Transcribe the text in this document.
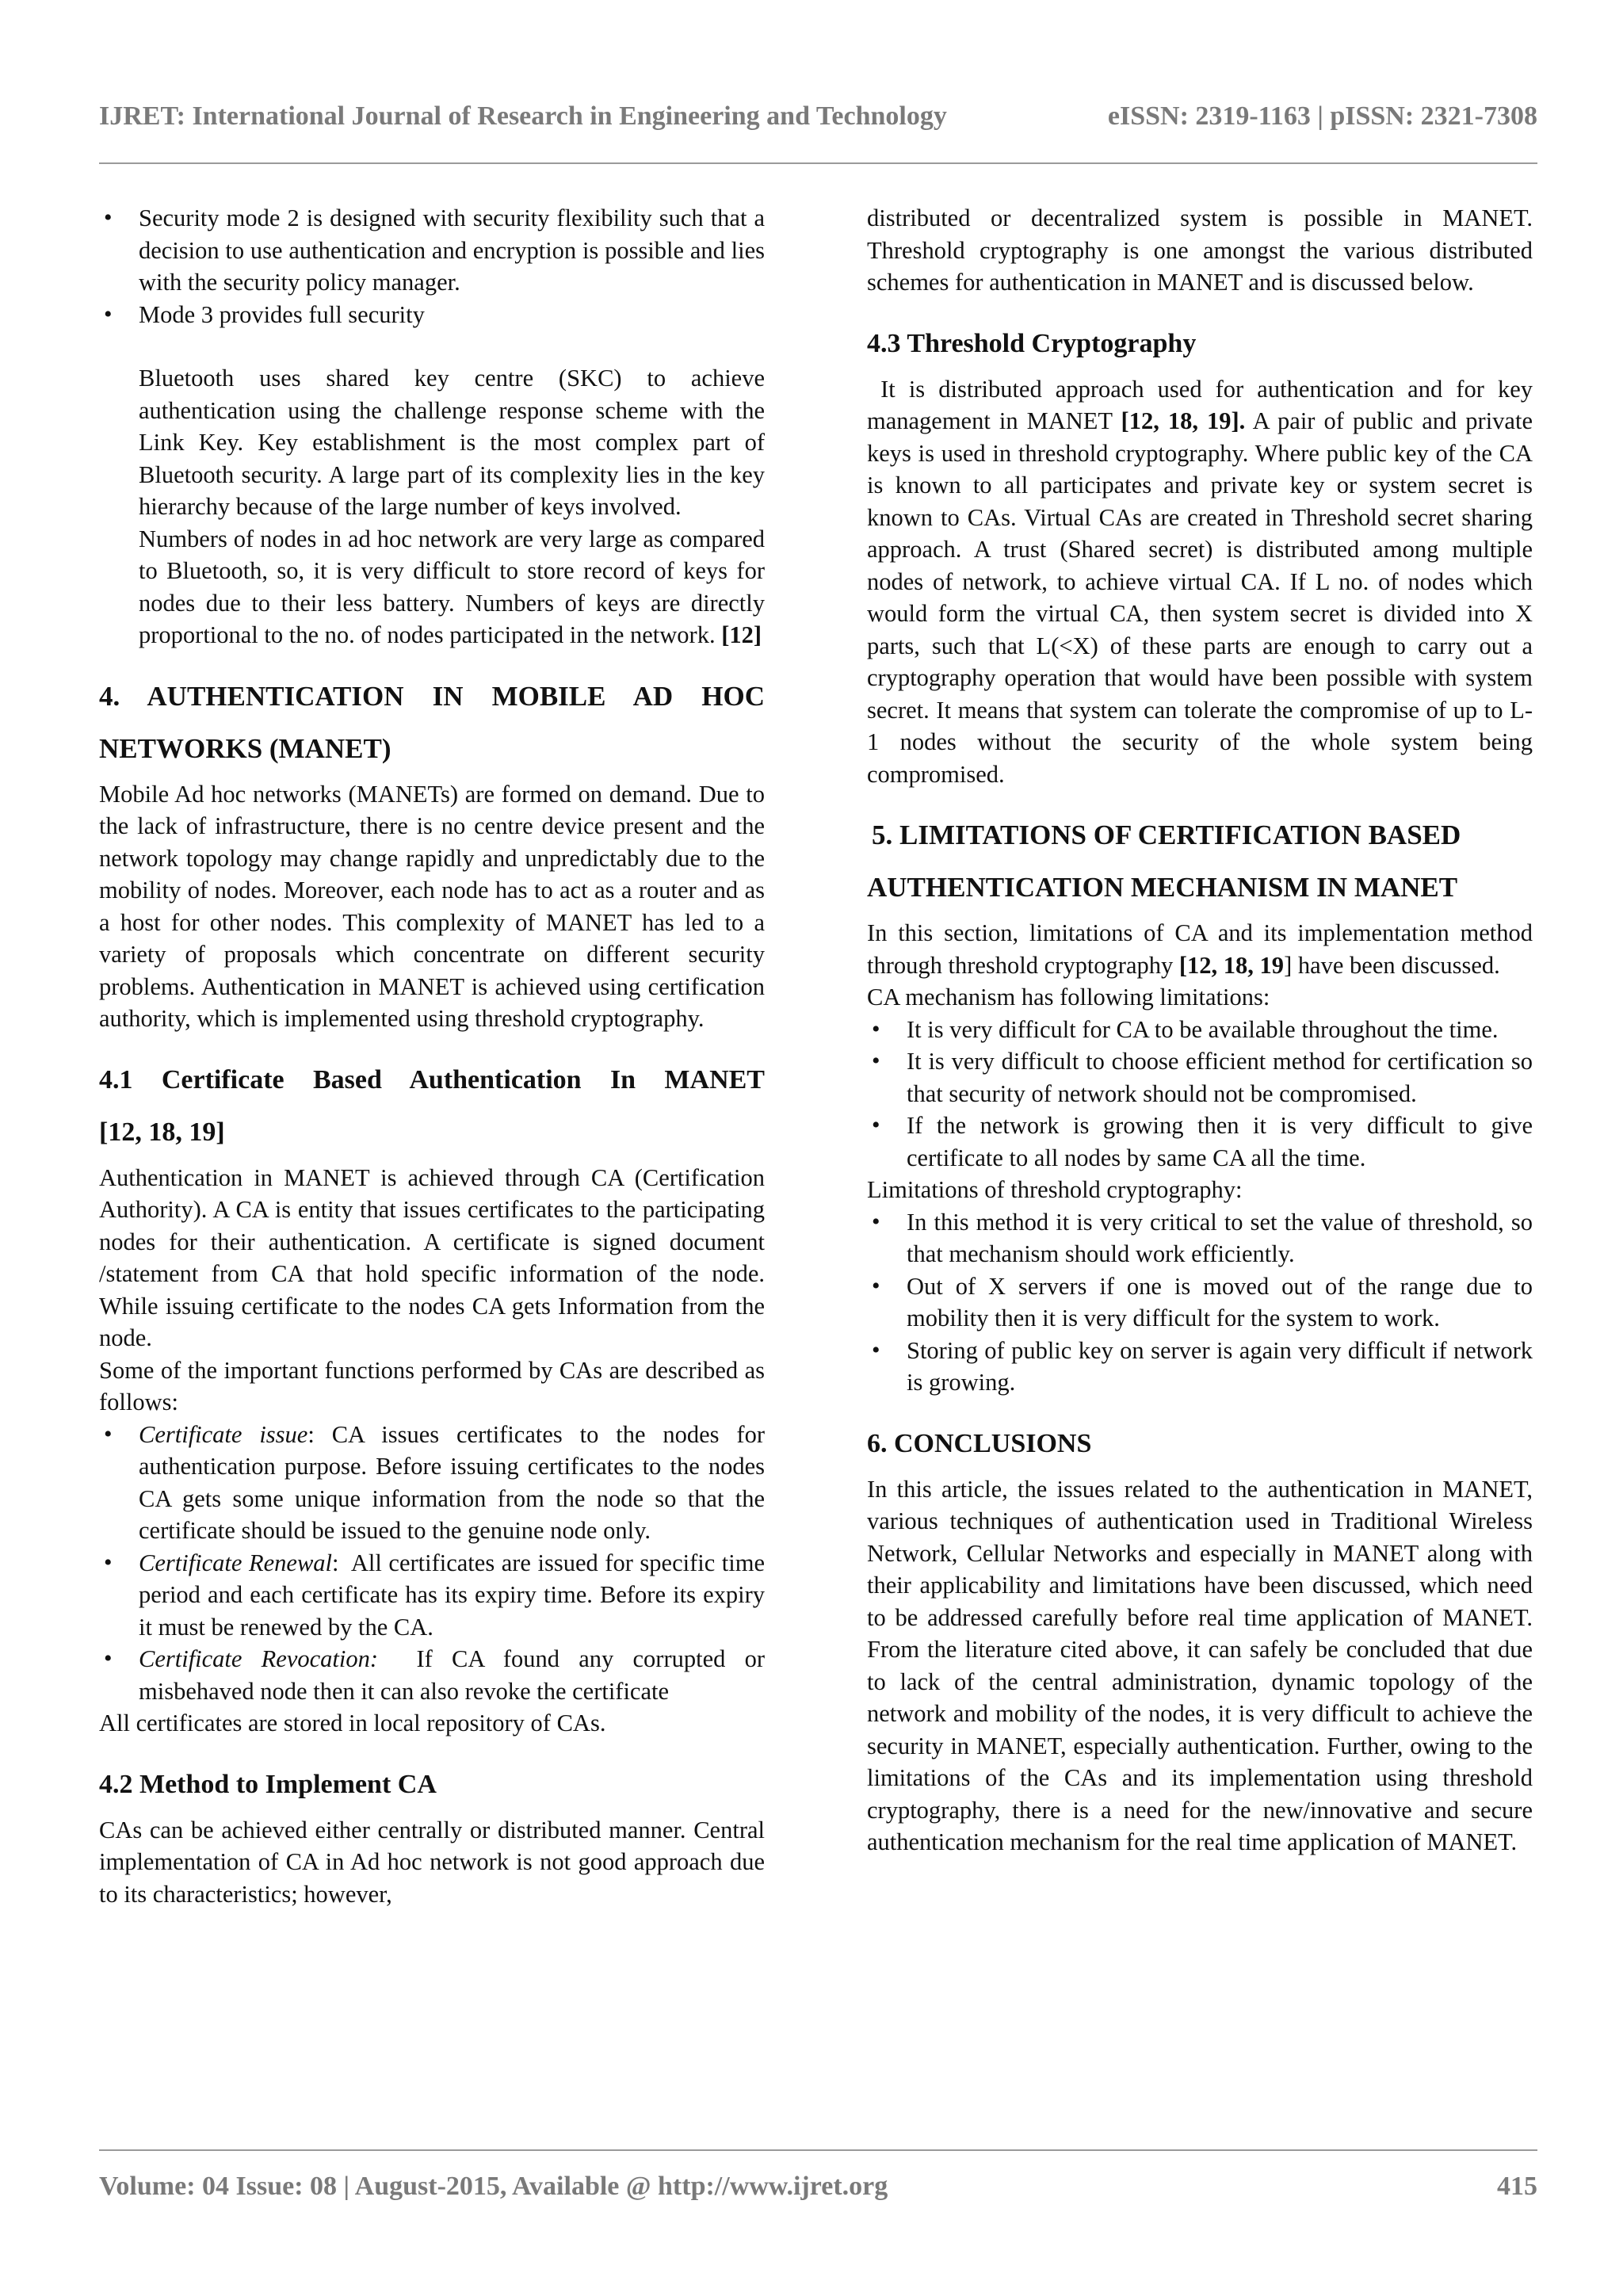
IJRET: International Journal of Research in Engineering and Technology	eISSN: 2319-1163 | pISSN: 2321-7308
• Security mode 2 is designed with security flexibility such that a decision to use authentication and encryption is possible and lies with the security policy manager.
• Mode 3 provides full security

Bluetooth uses shared key centre (SKC) to achieve authentication using the challenge response scheme with the Link Key. Key establishment is the most complex part of Bluetooth security. A large part of its complexity lies in the key hierarchy because of the large number of keys involved.

Numbers of nodes in ad hoc network are very large as compared to Bluetooth, so, it is very difficult to store record of keys for nodes due to their less battery. Numbers of keys are directly proportional to the no. of nodes participated in the network. [12]

4. AUTHENTICATION IN MOBILE AD HOC
NETWORKS (MANET)

Mobile Ad hoc networks (MANETs) are formed on demand. Due to the lack of infrastructure, there is no centre device present and the network topology may change rapidly and unpredictably due to the mobility of nodes. Moreover, each node has to act as a router and as a host for other nodes. This complexity of MANET has led to a variety of proposals which concentrate on different security problems. Authentication in MANET is achieved using certification authority, which is implemented using threshold cryptography.

4.1 Certificate Based Authentication In MANET
[12, 18, 19]

Authentication in MANET is achieved through CA (Certification Authority). A CA is entity that issues certificates to the participating nodes for their authentication. A certificate is signed document /statement from CA that hold specific information of the node. While issuing certificate to the nodes CA gets Information from the node.

Some of the important functions performed by CAs are described as follows:

• Certificate issue: CA issues certificates to the nodes for authentication purpose. Before issuing certificates to the nodes CA gets some unique information from the node so that the certificate should be issued to the genuine node only.
• Certificate Renewal:  All certificates are issued for specific time period and each certificate has its expiry time. Before its expiry it must be renewed by the CA.
• Certificate Revocation: If CA found any corrupted or misbehaved node then it can also revoke the certificate

All certificates are stored in local repository of CAs.

4.2 Method to Implement CA

CAs can be achieved either centrally or distributed manner. Central implementation of CA in Ad hoc network is not good approach due to its characteristics; however,

distributed or decentralized system is possible in MANET. Threshold cryptography is one amongst the various distributed schemes for authentication in MANET and is discussed below.

4.3 Threshold Cryptography

It is distributed approach used for authentication and for key management in MANET [12, 18, 19]. A pair of public and private keys is used in threshold cryptography. Where public key of the CA is known to all participates and private key or system secret is known to CAs. Virtual CAs are created in Threshold secret sharing approach. A trust (Shared secret) is distributed among multiple nodes of network, to achieve virtual CA. If L no. of nodes which would form the virtual CA, then system secret is divided into X parts, such that L(<X) of these parts are enough to carry out a cryptography operation that would have been possible with system secret. It means that system can tolerate the compromise of up to L-1 nodes without the security of the whole system being compromised.

5. LIMITATIONS OF CERTIFICATION BASED
AUTHENTICATION MECHANISM IN MANET

In this section, limitations of CA and its implementation method through threshold cryptography [12, 18, 19] have been discussed.

CA mechanism has following limitations:

• It is very difficult for CA to be available throughout the time.
• It is very difficult to choose efficient method for certification so that security of network should not be compromised.
• If the network is growing then it is very difficult to give certificate to all nodes by same CA all the time.

Limitations of threshold cryptography:

• In this method it is very critical to set the value of threshold, so that mechanism should work efficiently.
• Out of X servers if one is moved out of the range due to mobility then it is very difficult for the system to work.
• Storing of public key on server is again very difficult if network is growing.
6. CONCLUSIONS

In this article, the issues related to the authentication in MANET, various techniques of authentication used in Traditional Wireless Network, Cellular Networks and especially in MANET along with their applicability and limitations have been discussed, which need to be addressed carefully before real time application of MANET. From the literature cited above, it can safely be concluded that due to lack of the central administration, dynamic topology of the network and mobility of the nodes, it is very difficult to achieve the security in MANET, especially authentication. Further, owing to the limitations of the CAs and its implementation using threshold cryptography, there is a need for the new/innovative and secure authentication mechanism for the real time application of MANET.

Volume: 04 Issue: 08 | August-2015, Available @ http://www.ijret.org	415
